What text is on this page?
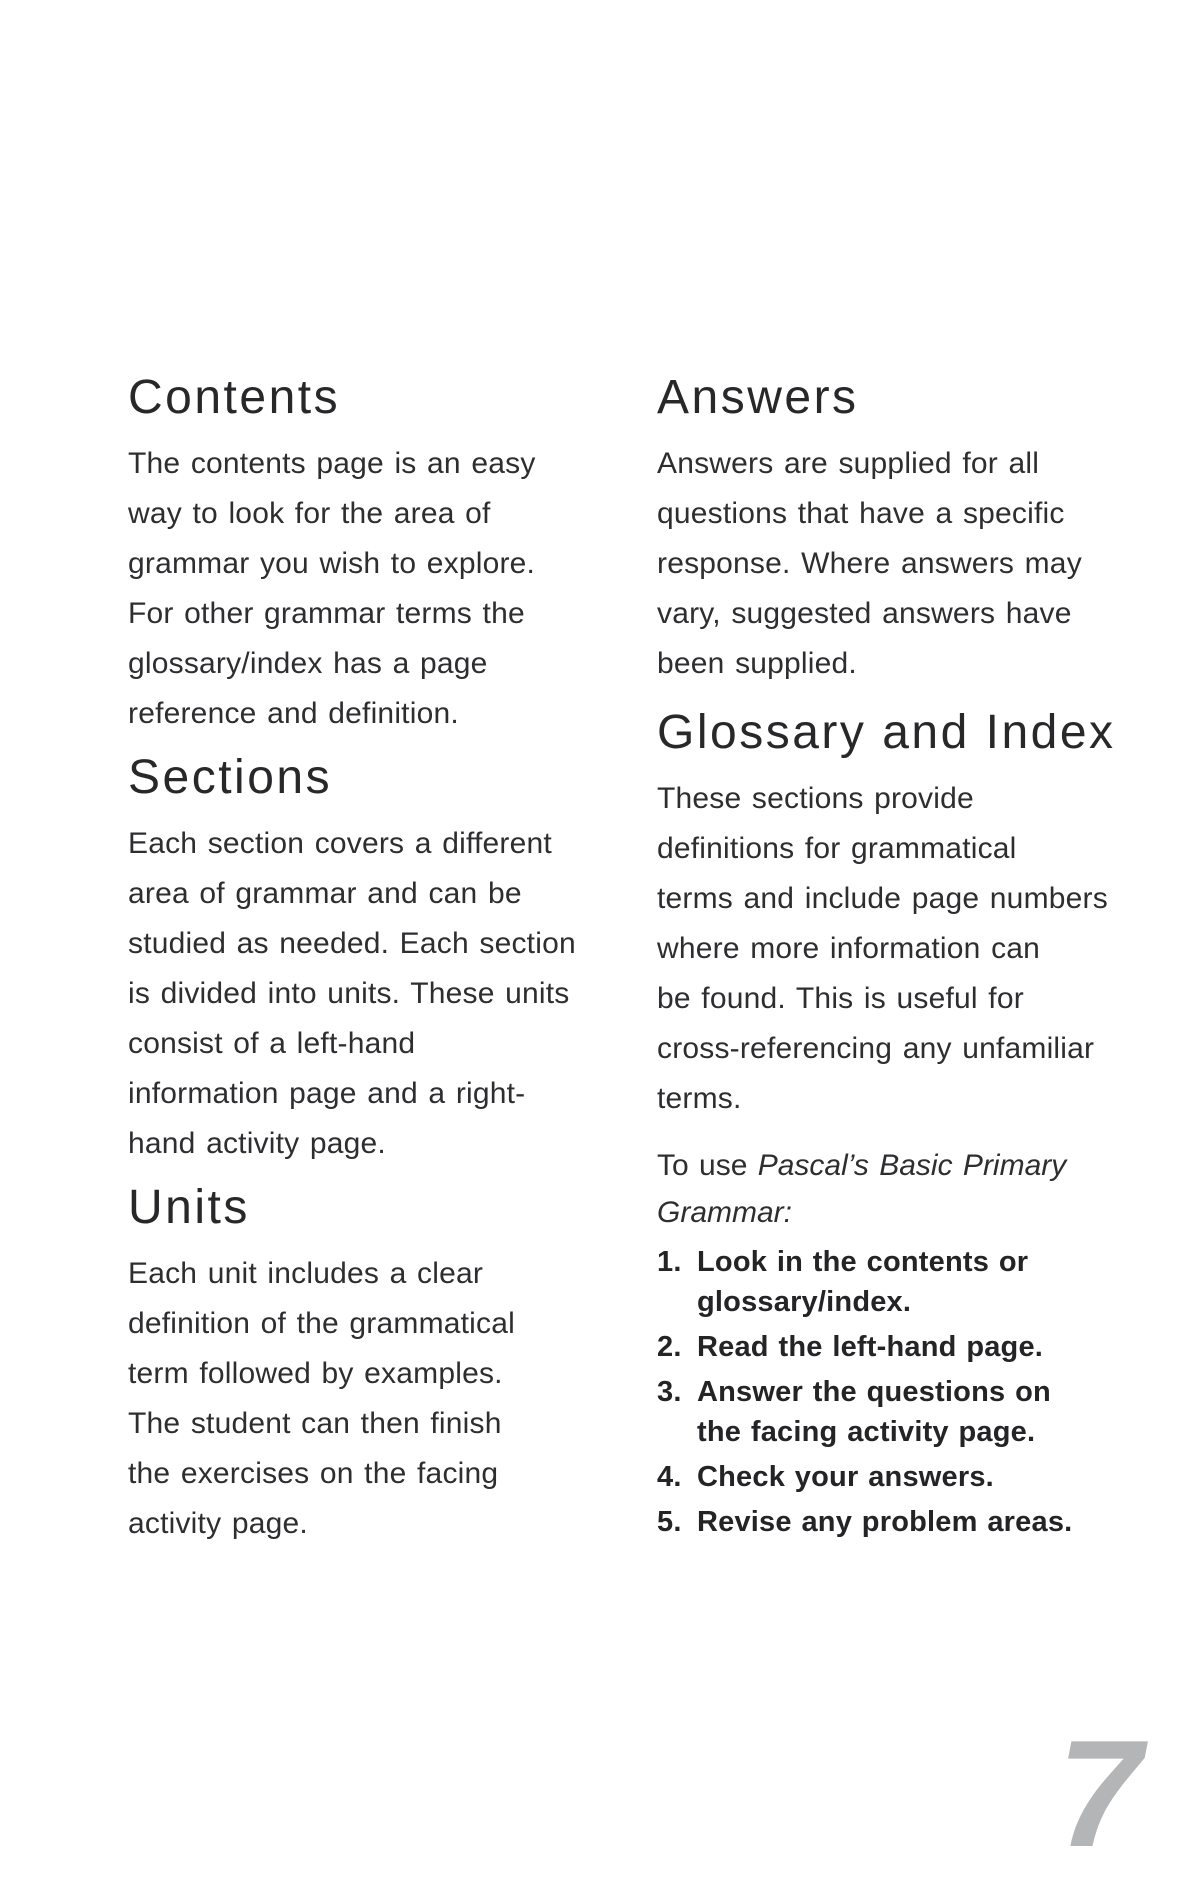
Contents
The contents page is an easy
way to look for the area of
grammar you wish to explore.
For other grammar terms the
glossary/index has a page
reference and definition.
Sections
Each section covers a different
area of grammar and can be
studied as needed. Each section
is divided into units. These units
consist of a left-hand
information page and a right-
hand activity page.
Units
Each unit includes a clear
definition of the grammatical
term followed by examples.
The student can then finish
the exercises on the facing
activity page.
Answers
Answers are supplied for all
questions that have a specific
response. Where answers may
vary, suggested answers have
been supplied.
Glossary and Index
These sections provide
definitions for grammatical
terms and include page numbers
where more information can
be found. This is useful for
cross-referencing any unfamiliar
terms.
To use Pascal’s Basic Primary
Grammar:
1. Look in the contents or
glossary/index.
2. Read the left-hand page.
3. Answer the questions on
the facing activity page.
4. Check your answers.
5. Revise any problem areas.
7
